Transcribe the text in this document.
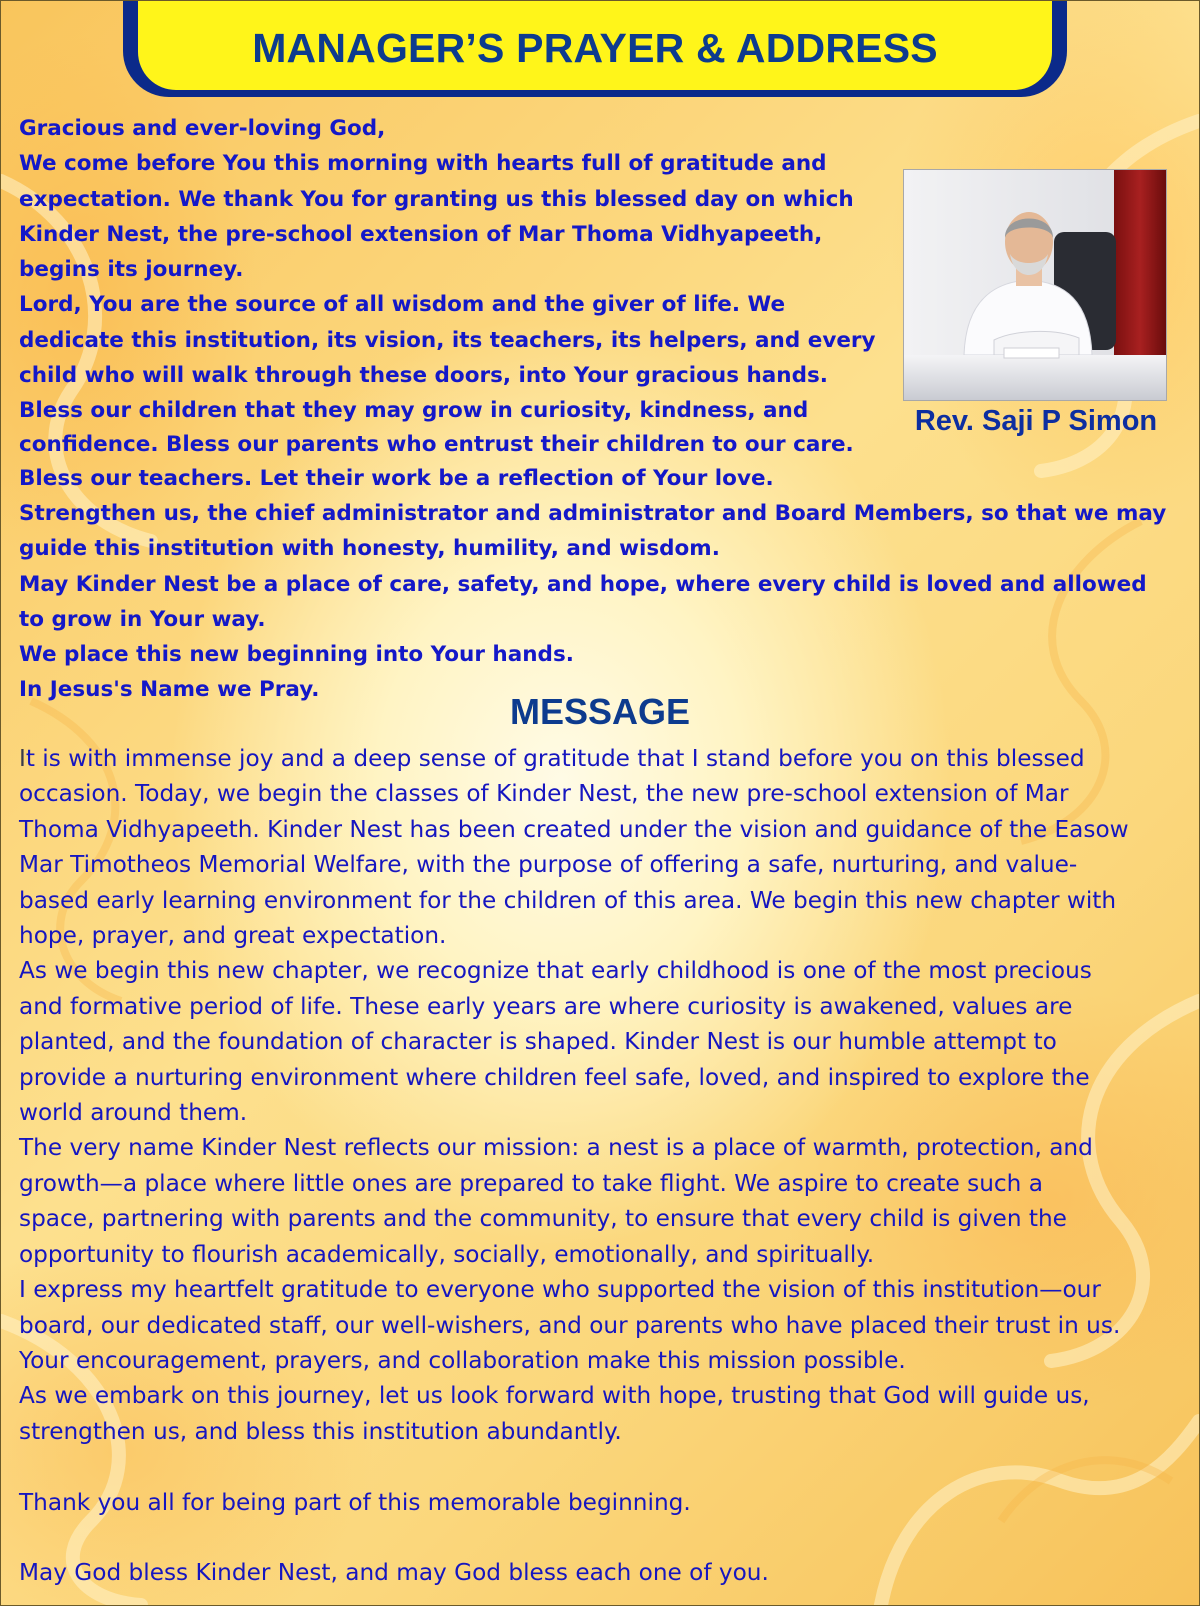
MANAGER’S PRAYER & ADDRESS
Gracious and ever-loving God,
We come before You this morning with hearts full of gratitude and
expectation. We thank You for granting us this blessed day on which
Kinder Nest, the pre-school extension of Mar Thoma Vidhyapeeth,
begins its journey.
Lord, You are the source of all wisdom and the giver of life. We
dedicate this institution, its vision, its teachers, its helpers, and every
child who will walk through these doors, into Your gracious hands.
Bless our children that they may grow in curiosity, kindness, and
confidence. Bless our parents who entrust their children to our care.
Bless our teachers. Let their work be a reflection of Your love.
Strengthen us, the chief administrator and administrator and Board Members, so that we may
guide this institution with honesty, humility, and wisdom.
May Kinder Nest be a place of care, safety, and hope, where every child is loved and allowed
to grow in Your way.
We place this new beginning into Your hands.
In Jesus's Name we Pray.
Rev. Saji P Simon
MESSAGE
It is with immense joy and a deep sense of gratitude that I stand before you on this blessed
occasion. Today, we begin the classes of Kinder Nest, the new pre-school extension of Mar
Thoma Vidhyapeeth. Kinder Nest has been created under the vision and guidance of the Easow
Mar Timotheos Memorial Welfare, with the purpose of offering a safe, nurturing, and value-
based early learning environment for the children of this area. We begin this new chapter with
hope, prayer, and great expectation.
As we begin this new chapter, we recognize that early childhood is one of the most precious
and formative period of life. These early years are where curiosity is awakened, values are
planted, and the foundation of character is shaped. Kinder Nest is our humble attempt to
provide a nurturing environment where children feel safe, loved, and inspired to explore the
world around them.
The very name Kinder Nest reflects our mission: a nest is a place of warmth, protection, and
growth—a place where little ones are prepared to take flight. We aspire to create such a
space, partnering with parents and the community, to ensure that every child is given the
opportunity to flourish academically, socially, emotionally, and spiritually.
I express my heartfelt gratitude to everyone who supported the vision of this institution—our
board, our dedicated staff, our well-wishers, and our parents who have placed their trust in us.
Your encouragement, prayers, and collaboration make this mission possible.
As we embark on this journey, let us look forward with hope, trusting that God will guide us,
strengthen us, and bless this institution abundantly.
Thank you all for being part of this memorable beginning.
May God bless Kinder Nest, and may God bless each one of you.
